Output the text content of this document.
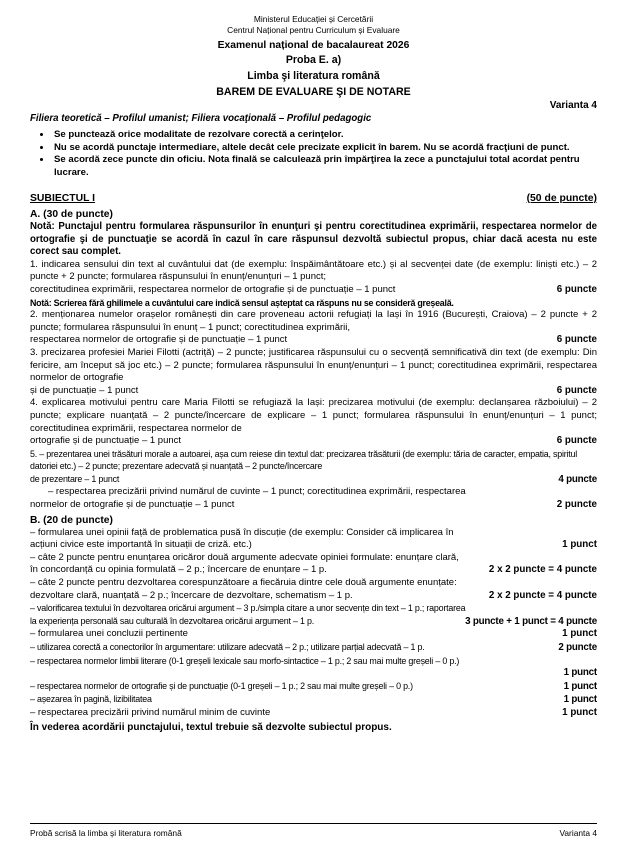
Ministerul Educației și Cercetării
Centrul Național pentru Curriculum și Evaluare
Examenul național de bacalaureat 2026
Proba E. a)
Limba şi literatura română
BAREM DE EVALUARE ŞI DE NOTARE
Varianta 4
Filiera teoretică – Profilul umanist; Filiera vocaţională – Profilul pedagogic
• Se punctează orice modalitate de rezolvare corectă a cerinţelor.
• Nu se acordă punctaje intermediare, altele decât cele precizate explicit în barem. Nu se acordă fracţiuni de punct.
• Se acordă zece puncte din oficiu. Nota finală se calculează prin împărţirea la zece a punctajului total acordat pentru lucrare.
SUBIECTUL I	(50 de puncte)
A. (30 de puncte)
Notă: Punctajul pentru formularea răspunsurilor în enunţuri şi pentru corectitudinea exprimării, respectarea normelor de ortografie şi de punctuaţie se acordă în cazul în care răspunsul dezvoltă subiectul propus, chiar dacă acesta nu este corect sau complet.
1. indicarea sensului din text al cuvântului dat (de exemplu: înspăimântătoare etc.) și al secvenței date (de exemplu: liniști etc.) – 2 puncte + 2 puncte; formularea răspunsului în enunț/enunțuri – 1 punct;
corectitudinea exprimării, respectarea normelor de ortografie și de punctuație – 1 punct	6 puncte
Notă: Scrierea fără ghilimele a cuvântului care indică sensul așteptat ca răspuns nu se consideră greșeală.
2. menționarea numelor orașelor românești din care proveneau actorii refugiați la Iași în 1916 (București, Craiova) – 2 puncte + 2 puncte; formularea răspunsului în enunț – 1 punct; corectitudinea exprimării,
respectarea normelor de ortografie și de punctuație – 1 punct	6 puncte
3. precizarea profesiei Mariei Filotti (actriță) – 2 puncte; justificarea răspunsului cu o secvență semnificativă din text (de exemplu: Din fericire, am început să joc etc.) – 2 puncte; formularea răspunsului în enunț/enunțuri – 1 punct; corectitudinea exprimării, respectarea normelor de ortografie
și de punctuație – 1 punct	6 puncte
4. explicarea motivului pentru care Maria Filotti se refugiază la Iași: precizarea motivului (de exemplu: declanșarea războiului) – 2 puncte; explicare nuanțată – 2 puncte/încercare de explicare – 1 punct; formularea răspunsului în enunț/enunțuri – 1 punct; corectitudinea exprimării, respectarea normelor de
ortografie și de punctuație – 1 punct	6 puncte
5. – prezentarea unei trăsături morale a autoarei, așa cum reiese din textul dat: precizarea trăsăturii (de exemplu: tăria de caracter, empatia, spiritul datoriei etc.) – 2 puncte; prezentare adecvată și nuanțată – 2 puncte/încercare
de prezentare – 1 punct	4 puncte
– respectarea precizării privind numărul de cuvinte – 1 punct; corectitudinea exprimării, respectarea
normelor de ortografie și de punctuație – 1 punct	2 puncte
B. (20 de puncte)
– formularea unei opinii față de problematica pusă în discuție (de exemplu: Consider că implicarea în
acțiuni civice este importantă în situații de criză. etc.)	1 punct
– câte 2 puncte pentru enunțarea oricăror două argumente adecvate opiniei formulate: enunțare clară,
în concordanță cu opinia formulată – 2 p.; încercare de enunțare – 1 p.	2 x 2 puncte = 4 puncte
– câte 2 puncte pentru dezvoltarea corespunzătoare a fiecăruia dintre cele două argumente enunțate:
dezvoltare clară, nuanțată – 2 p.; încercare de dezvoltare, schematism – 1 p.	2 x 2 puncte = 4 puncte
– valorificarea textului în dezvoltarea oricărui argument – 3 p./simpla citare a unor secvențe din text – 1 p.; raportarea
la experiența personală sau culturală în dezvoltarea oricărui argument – 1 p.	3 puncte + 1 punct = 4 puncte
– formularea unei concluzii pertinente	1 punct
– utilizarea corectă a conectorilor în argumentare: utilizare adecvată – 2 p.; utilizare parțial adecvată – 1 p.	2 puncte
– respectarea normelor limbii literare (0-1 greșeli lexicale sau morfo-sintactice – 1 p.; 2 sau mai multe greșeli – 0 p.)
1 punct
– respectarea normelor de ortografie și de punctuație (0-1 greșeli – 1 p.; 2 sau mai multe greșeli – 0 p.)	1 punct
– așezarea în pagină, lizibilitatea	1 punct
– respectarea precizării privind numărul minim de cuvinte	1 punct
În vederea acordării punctajului, textul trebuie să dezvolte subiectul propus.
Probă scrisă la limba și literatura română	Varianta 4
